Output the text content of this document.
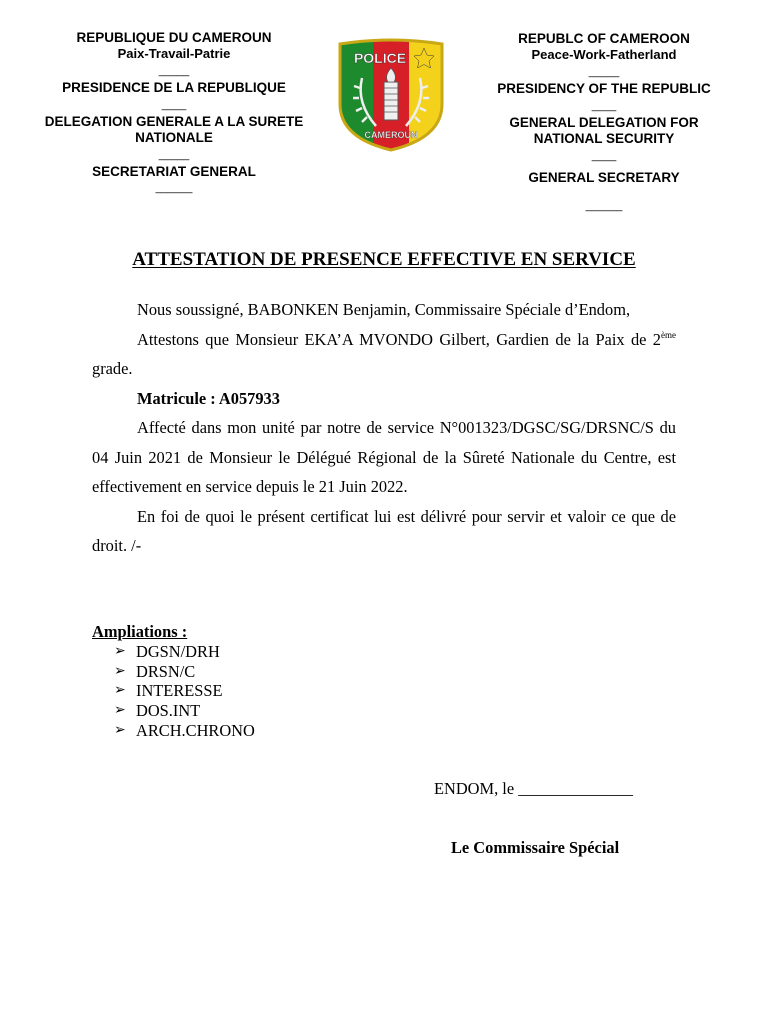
REPUBLIQUE DU CAMEROUN
Paix-Travail-Patrie
_____
PRESIDENCE DE LA REPUBLIQUE
____
DELEGATION GENERALE A LA SURETE NATIONALE
_____
SECRETARIAT GENERAL
______
POLICE
CAMEROUN
REPUBLC OF CAMEROON
Peace-Work-Fatherland
_____
PRESIDENCY OF THE REPUBLIC
____
GENERAL DELEGATION FOR NATIONAL SECURITY
____
GENERAL SECRETARY
______
ATTESTATION DE PRESENCE EFFECTIVE EN SERVICE

Nous soussigné, BABONKEN Benjamin, Commissaire Spéciale d’Endom,

Attestons que Monsieur EKA’A MVONDO Gilbert, Gardien de la Paix de 2ème grade.

Matricule : A057933

Affecté dans mon unité par notre de service N°001323/DGSC/SG/DRSNC/S du 04 Juin 2021 de Monsieur le Délégué Régional de la Sûreté Nationale du Centre, est effectivement en service depuis le 21 Juin 2022.

En foi de quoi le présent certificat lui est délivré pour servir et valoir ce que de droit. /-

Ampliations :
➢ DGSN/DRH
➢ DRSN/C
➢ INTERESSE
➢ DOS.INT
➢ ARCH.CHRONO
ENDOM, le ______________
Le Commissaire Spécial
